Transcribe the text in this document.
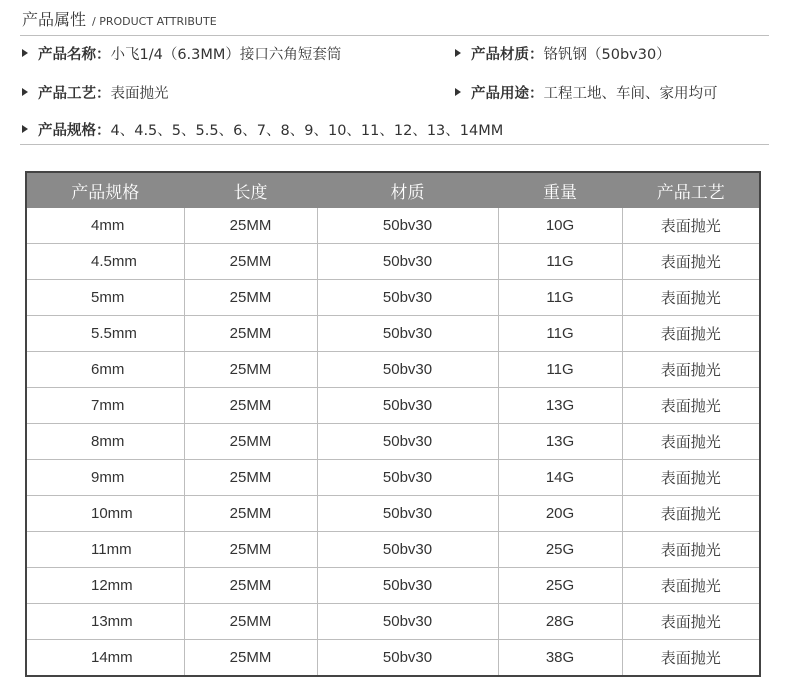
产品属性 / PRODUCT ATTRIBUTE
产品名称： 小飞1/4（6.3MM）接口六角短套筒	产品材质： 铬钒钢（50bv30）
产品工艺： 表面抛光	产品用途： 工程工地、车间、家用均可
产品规格： 4、4.5、5、5.5、6、7、8、9、10、11、12、13、14MM
产品规格	长度	材质	重量	产品工艺
4mm	25MM	50bv30	10G	表面抛光
4.5mm	25MM	50bv30	11G	表面抛光
5mm	25MM	50bv30	11G	表面抛光
5.5mm	25MM	50bv30	11G	表面抛光
6mm	25MM	50bv30	11G	表面抛光
7mm	25MM	50bv30	13G	表面抛光
8mm	25MM	50bv30	13G	表面抛光
9mm	25MM	50bv30	14G	表面抛光
10mm	25MM	50bv30	20G	表面抛光
11mm	25MM	50bv30	25G	表面抛光
12mm	25MM	50bv30	25G	表面抛光
13mm	25MM	50bv30	28G	表面抛光
14mm	25MM	50bv30	38G	表面抛光
